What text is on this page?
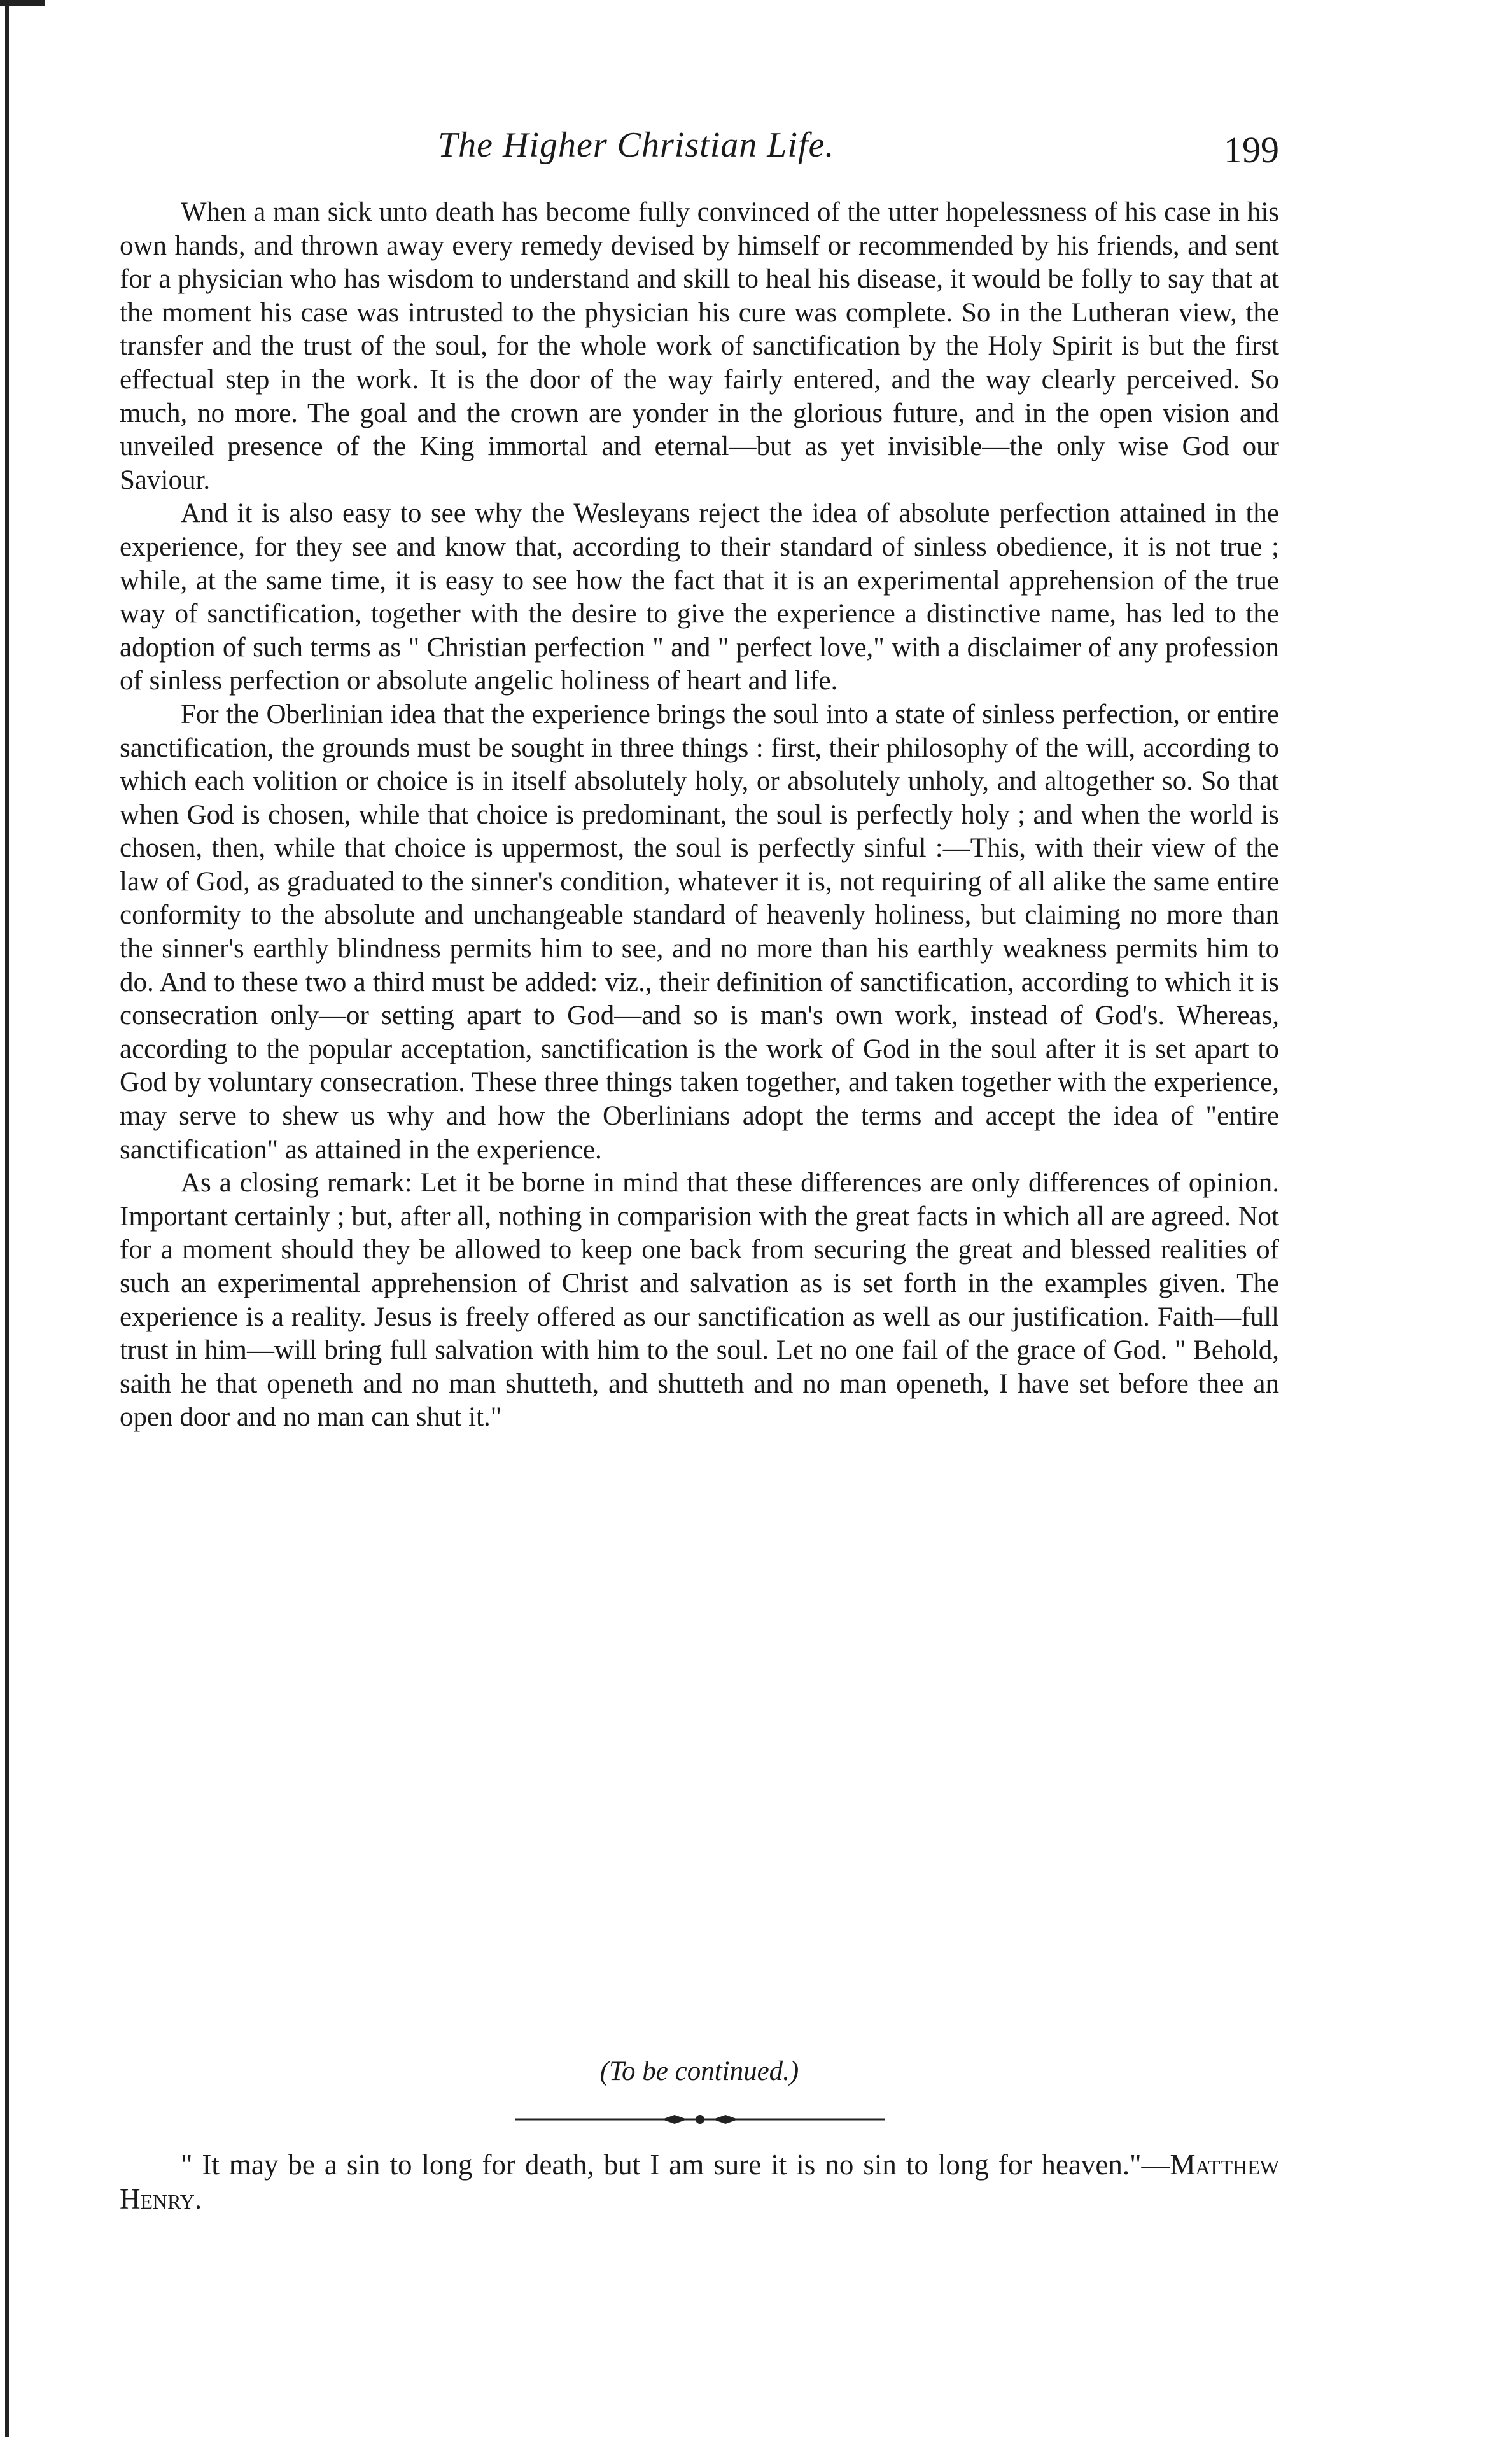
The Higher Christian Life.	199

When a man sick unto death has become fully convinced of the utter hopelessness of his case in his own hands, and thrown away every remedy devised by himself or recommended by his friends, and sent for a physician who has wisdom to understand and skill to heal his disease, it would be folly to say that at the moment his case was intrusted to the physician his cure was complete. So in the Lutheran view, the transfer and the trust of the soul, for the whole work of sanctification by the Holy Spirit is but the first effectual step in the work. It is the door of the way fairly entered, and the way clearly perceived. So much, no more. The goal and the crown are yonder in the glorious future, and in the open vision and unveiled presence of the King immortal and eternal—but as yet invisible—the only wise God our Saviour.

And it is also easy to see why the Wesleyans reject the idea of absolute perfection attained in the experience, for they see and know that, according to their standard of sinless obedience, it is not true ; while, at the same time, it is easy to see how the fact that it is an experimental apprehension of the true way of sanctification, together with the desire to give the experience a distinctive name, has led to the adoption of such terms as " Christian perfection " and " perfect love," with a disclaimer of any profession of sinless perfection or absolute angelic holiness of heart and life.

For the Oberlinian idea that the experience brings the soul into a state of sinless perfection, or entire sanctification, the grounds must be sought in three things : first, their philosophy of the will, according to which each volition or choice is in itself absolutely holy, or absolutely unholy, and altogether so. So that when God is chosen, while that choice is predominant, the soul is perfectly holy ; and when the world is chosen, then, while that choice is uppermost, the soul is perfectly sinful :—This, with their view of the law of God, as graduated to the sinner's condition, whatever it is, not requiring of all alike the same entire conformity to the absolute and unchangeable standard of heavenly holiness, but claiming no more than the sinner's earthly blindness permits him to see, and no more than his earthly weakness permits him to do. And to these two a third must be added: viz., their definition of sanctification, according to which it is consecration only—or setting apart to God—and so is man's own work, instead of God's. Whereas, according to the popular acceptation, sanctification is the work of God in the soul after it is set apart to God by voluntary consecration. These three things taken together, and taken together with the experience, may serve to shew us why and how the Oberlinians adopt the terms and accept the idea of "entire sanctification" as attained in the experience.

As a closing remark: Let it be borne in mind that these differences are only differences of opinion. Important certainly ; but, after all, nothing in comparision with the great facts in which all are agreed. Not for a moment should they be allowed to keep one back from securing the great and blessed realities of such an experimental apprehension of Christ and salvation as is set forth in the examples given. The experience is a reality. Jesus is freely offered as our sanctification as well as our justification. Faith—full trust in him—will bring full salvation with him to the soul. Let no one fail of the grace of God. " Behold, saith he that openeth and no man shutteth, and shutteth and no man openeth, I have set before thee an open door and no man can shut it."

(To be continued.)
" It may be a sin to long for death, but I am sure it is no sin to long for heaven."—Matthew Henry.
